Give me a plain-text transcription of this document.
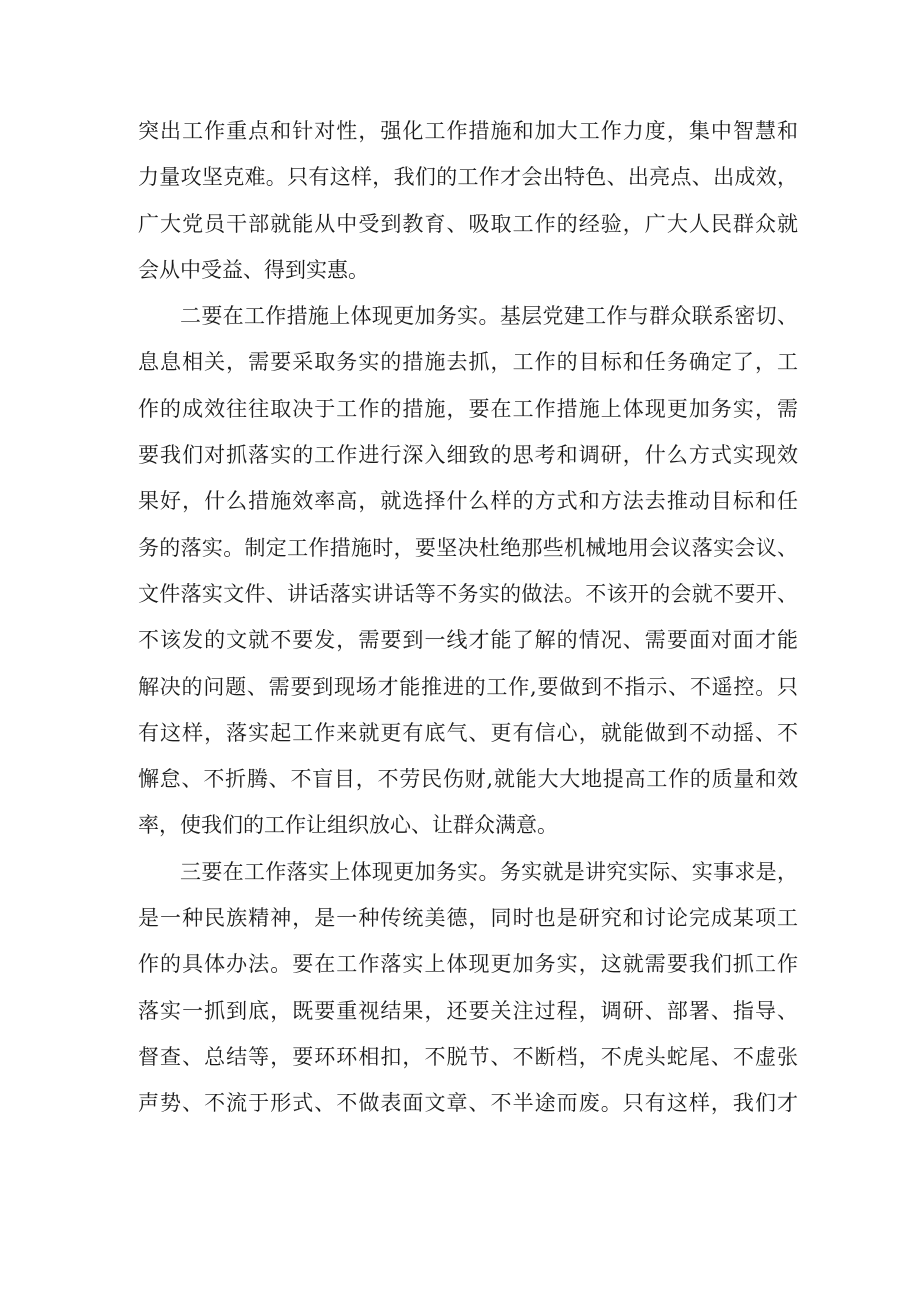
突出工作重点和针对性，强化工作措施和加大工作力度，集中智慧和
力量攻坚克难。只有这样，我们的工作才会出特色、出亮点、出成效，
广大党员干部就能从中受到教育、吸取工作的经验，广大人民群众就
会从中受益、得到实惠。
二要在工作措施上体现更加务实。基层党建工作与群众联系密切、
息息相关，需要采取务实的措施去抓，工作的目标和任务确定了，工
作的成效往往取决于工作的措施，要在工作措施上体现更加务实，需
要我们对抓落实的工作进行深入细致的思考和调研，什么方式实现效
果好，什么措施效率高，就选择什么样的方式和方法去推动目标和任
务的落实。制定工作措施时，要坚决杜绝那些机械地用会议落实会议、
文件落实文件、讲话落实讲话等不务实的做法。不该开的会就不要开、
不该发的文就不要发，需要到一线才能了解的情况、需要面对面才能
解决的问题、需要到现场才能推进的工作,要做到不指示、不遥控。只
有这样，落实起工作来就更有底气、更有信心，就能做到不动摇、不
懈怠、不折腾、不盲目，不劳民伤财,就能大大地提高工作的质量和效
率，使我们的工作让组织放心、让群众满意。
三要在工作落实上体现更加务实。务实就是讲究实际、实事求是，
是一种民族精神，是一种传统美德，同时也是研究和讨论完成某项工
作的具体办法。要在工作落实上体现更加务实，这就需要我们抓工作
落实一抓到底，既要重视结果，还要关注过程，调研、部署、指导、
督查、总结等，要环环相扣，不脱节、不断档，不虎头蛇尾、不虚张
声势、不流于形式、不做表面文章、不半途而废。只有这样，我们才
